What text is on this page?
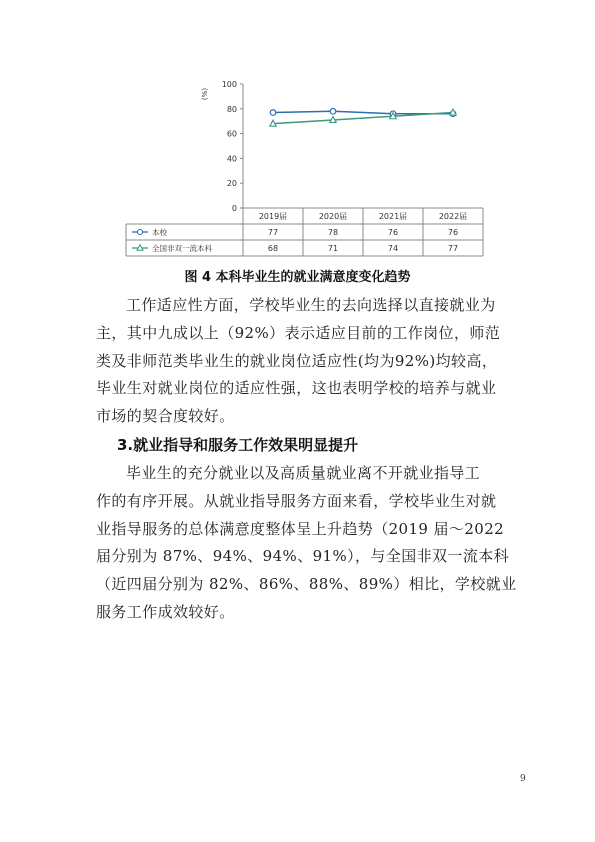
0
20
40
60
80
100
(%)
2019届	2020届	2021届	2022届
本校	77	78	76	76
全国非双一流本科	68	71	74	77
图 4 本科毕业生的就业满意度变化趋势
工作适应性方面，学校毕业生的去向选择以直接就业为
主，其中九成以上（92%）表示适应目前的工作岗位，师范
类及非师范类毕业生的就业岗位适应性(均为92%)均较高，
毕业生对就业岗位的适应性强，这也表明学校的培养与就业
市场的契合度较好。
3.就业指导和服务工作效果明显提升
毕业生的充分就业以及高质量就业离不开就业指导工
作的有序开展。从就业指导服务方面来看，学校毕业生对就
业指导服务的总体满意度整体呈上升趋势（2019 届～2022
届分别为 87%、94%、94%、91%），与全国非双一流本科
（近四届分别为 82%、86%、88%、89%）相比，学校就业
服务工作成效较好。
9
